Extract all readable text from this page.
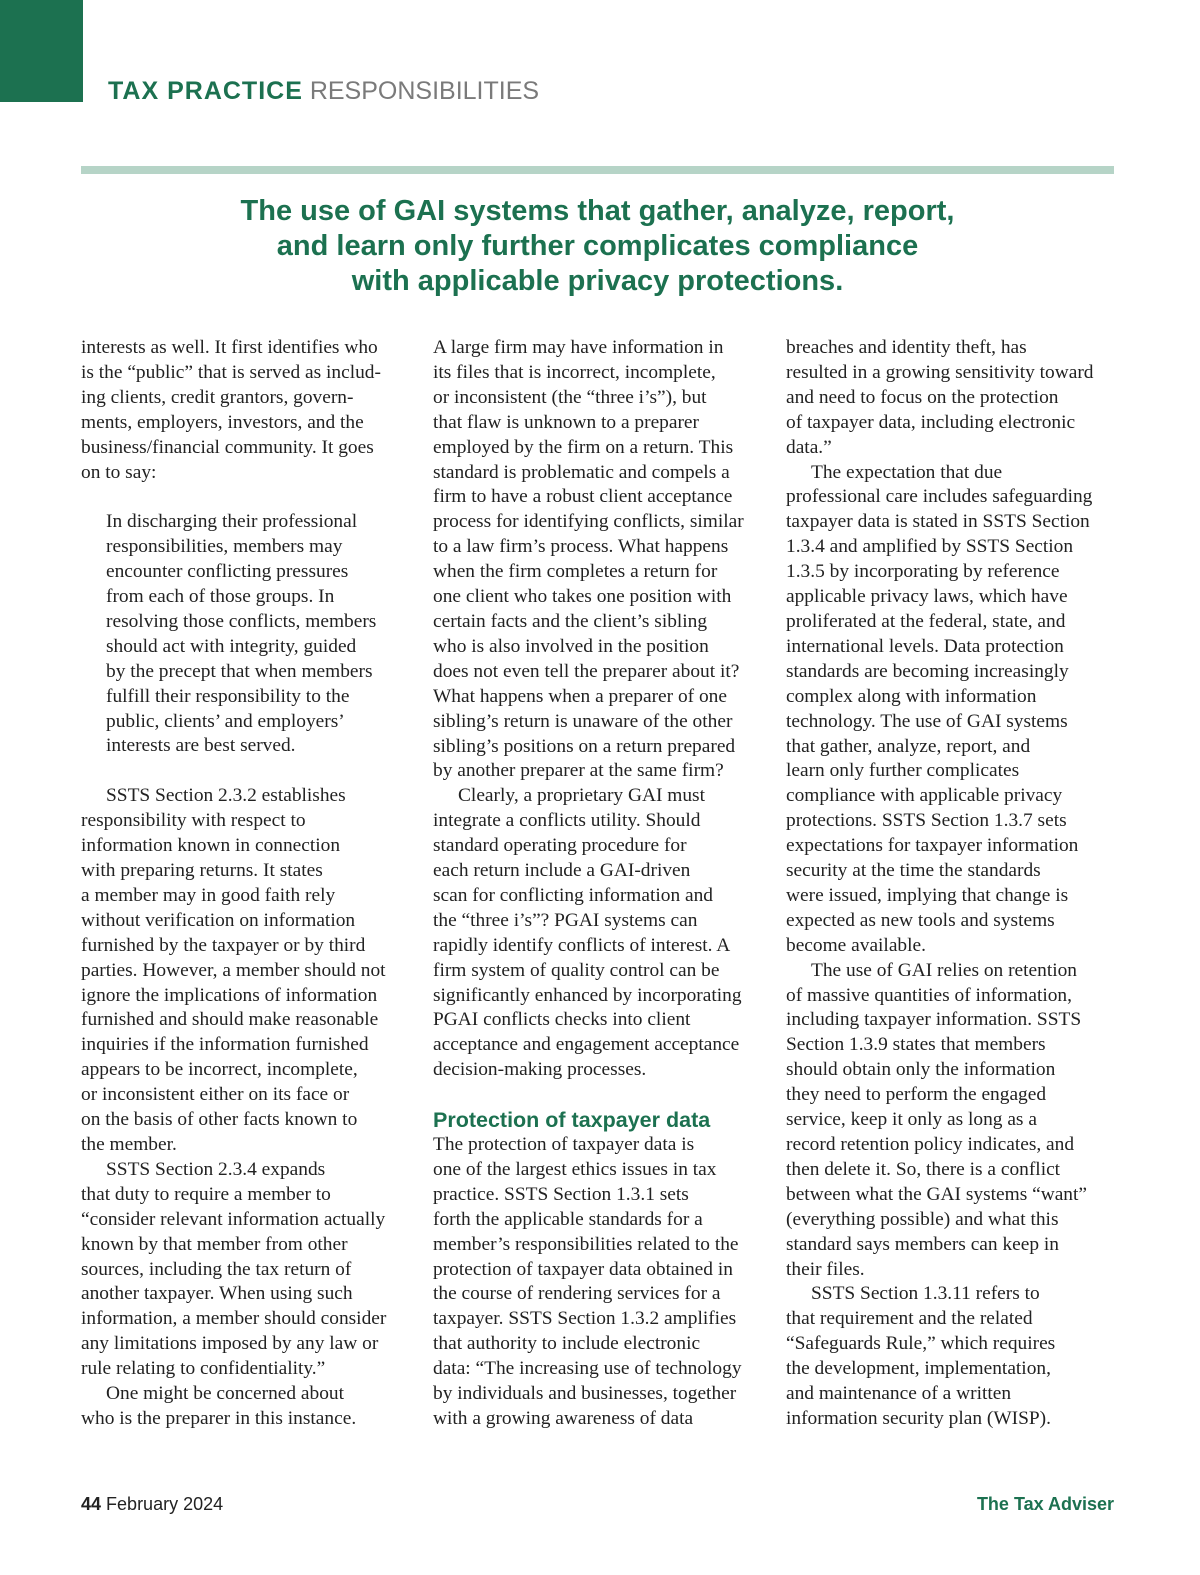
TAX PRACTICE RESPONSIBILITIES
The use of GAI systems that gather, analyze, report,
and learn only further complicates compliance
with applicable privacy protections.
interests as well. It first identifies who
is the “public” that is served as includ-
ing clients, credit grantors, govern-
ments, employers, investors, and the
business/financial community. It goes
on to say:
In discharging their professional
responsibilities, members may
encounter conflicting pressures
from each of those groups. In
resolving those conflicts, members
should act with integrity, guided
by the precept that when members
fulfill their responsibility to the
public, clients’ and employers’
interests are best served.
SSTS Section 2.3.2 establishes
responsibility with respect to
information known in connection
with preparing returns. It states
a member may in good faith rely
without verification on information
furnished by the taxpayer or by third
parties. However, a member should not
ignore the implications of information
furnished and should make reasonable
inquiries if the information furnished
appears to be incorrect, incomplete,
or inconsistent either on its face or
on the basis of other facts known to
the member.
SSTS Section 2.3.4 expands
that duty to require a member to
“consider relevant information actually
known by that member from other
sources, including the tax return of
another taxpayer. When using such
information, a member should consider
any limitations imposed by any law or
rule relating to confidentiality.”
One might be concerned about
who is the preparer in this instance.
A large firm may have information in
its files that is incorrect, incomplete,
or inconsistent (the “three i’s”), but
that flaw is unknown to a preparer
employed by the firm on a return. This
standard is problematic and compels a
firm to have a robust client acceptance
process for identifying conflicts, similar
to a law firm’s process. What happens
when the firm completes a return for
one client who takes one position with
certain facts and the client’s sibling
who is also involved in the position
does not even tell the preparer about it?
What happens when a preparer of one
sibling’s return is unaware of the other
sibling’s positions on a return prepared
by another preparer at the same firm?
Clearly, a proprietary GAI must
integrate a conflicts utility. Should
standard operating procedure for
each return include a GAI-driven
scan for conflicting information and
the “three i’s”? PGAI systems can
rapidly identify conflicts of interest. A
firm system of quality control can be
significantly enhanced by incorporating
PGAI conflicts checks into client
acceptance and engagement acceptance
decision-making processes.
Protection of taxpayer data
The protection of taxpayer data is
one of the largest ethics issues in tax
practice. SSTS Section 1.3.1 sets
forth the applicable standards for a
member’s responsibilities related to the
protection of taxpayer data obtained in
the course of rendering services for a
taxpayer. SSTS Section 1.3.2 amplifies
that authority to include electronic
data: “The increasing use of technology
by individuals and businesses, together
with a growing awareness of data
breaches and identity theft, has
resulted in a growing sensitivity toward
and need to focus on the protection
of taxpayer data, including electronic
data.”
The expectation that due
professional care includes safeguarding
taxpayer data is stated in SSTS Section
1.3.4 and amplified by SSTS Section
1.3.5 by incorporating by reference
applicable privacy laws, which have
proliferated at the federal, state, and
international levels. Data protection
standards are becoming increasingly
complex along with information
technology. The use of GAI systems
that gather, analyze, report, and
learn only further complicates
compliance with applicable privacy
protections. SSTS Section 1.3.7 sets
expectations for taxpayer information
security at the time the standards
were issued, implying that change is
expected as new tools and systems
become available.
The use of GAI relies on retention
of massive quantities of information,
including taxpayer information. SSTS
Section 1.3.9 states that members
should obtain only the information
they need to perform the engaged
service, keep it only as long as a
record retention policy indicates, and
then delete it. So, there is a conflict
between what the GAI systems “want”
(everything possible) and what this
standard says members can keep in
their files.
SSTS Section 1.3.11 refers to
that requirement and the related
“Safeguards Rule,” which requires
the development, implementation,
and maintenance of a written
information security plan (WISP).
44 February 2024	The Tax Adviser
